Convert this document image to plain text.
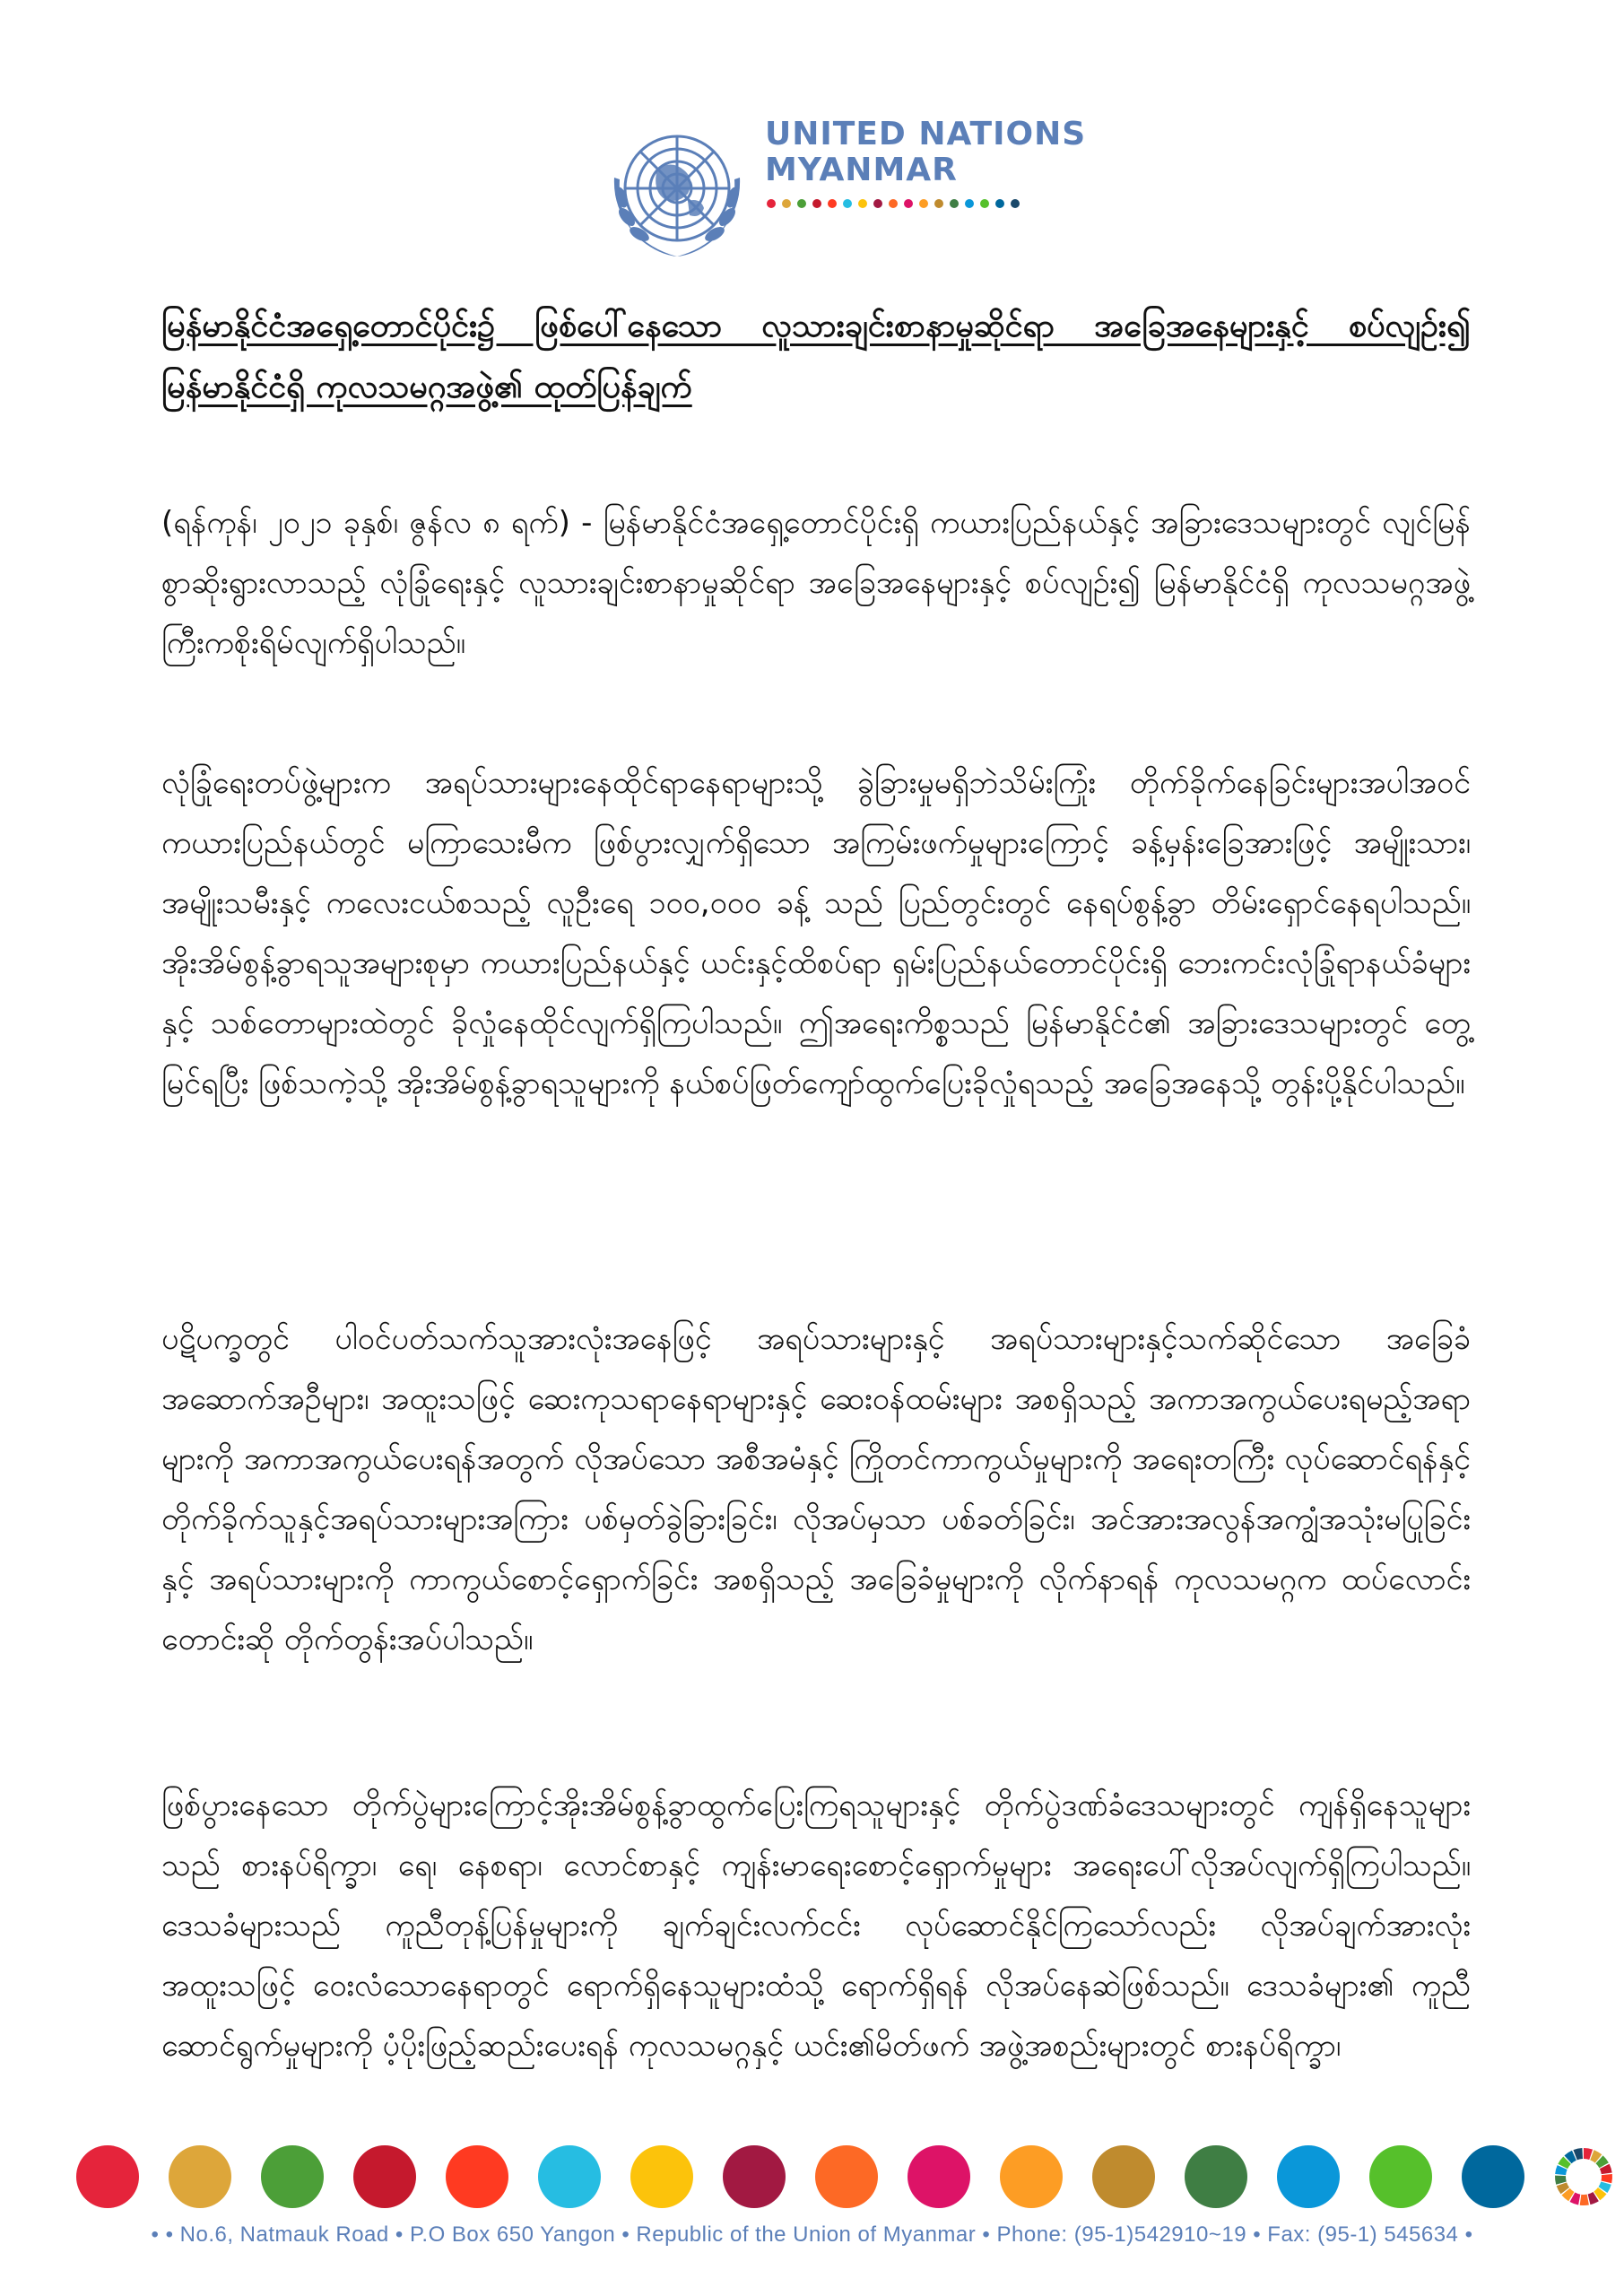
UNITED NATIONS
MYANMAR
မြန်မာနိုင်ငံအရှေ့တောင်ပိုင်း၌ ဖြစ်ပေါ်နေသော လူသားချင်းစာနာမှုဆိုင်ရာ အခြေအနေများနှင့် စပ်လျဉ်း၍ မြန်မာနိုင်ငံရှိ ကုလသမဂ္ဂအဖွဲ့၏ ထုတ်ပြန်ချက်
(ရန်ကုန်၊ ၂၀၂၁ ခုနှစ်၊ ဇွန်လ ၈ ရက်) - မြန်မာနိုင်ငံအရှေ့တောင်ပိုင်းရှိ ကယားပြည်နယ်နှင့် အခြားဒေသများတွင် လျင်မြန်စွာဆိုးရွားလာသည့် လုံခြုံရေးနှင့် လူသားချင်းစာနာမှုဆိုင်ရာ အခြေအနေများနှင့် စပ်လျဉ်း၍ မြန်မာနိုင်ငံရှိ ကုလသမဂ္ဂအဖွဲ့ကြီးကစိုးရိမ်လျက်ရှိပါသည်။
လုံခြုံရေးတပ်ဖွဲ့များက အရပ်သားများနေထိုင်ရာနေရာများသို့ ခွဲခြားမှုမရှိဘဲသိမ်းကြုံး တိုက်ခိုက်နေခြင်းများအပါအဝင် ကယားပြည်နယ်တွင် မကြာသေးမီက ဖြစ်ပွားလျှက်ရှိသော အကြမ်းဖက်မှုများကြောင့် ခန့်မှန်းခြေအားဖြင့် အမျိုးသား၊ အမျိုးသမီးနှင့် ကလေးငယ်စသည့် လူဦးရေ ၁၀၀,၀၀၀ ခန့် သည် ပြည်တွင်းတွင် နေရပ်စွန့်ခွာ တိမ်းရှောင်နေရပါသည်။ အိုးအိမ်စွန့်ခွာရသူအများစုမှာ ကယားပြည်နယ်နှင့် ယင်းနှင့်ထိစပ်ရာ ရှမ်းပြည်နယ်တောင်ပိုင်းရှိ ဘေးကင်းလုံခြုံရာနယ်ခံများနှင့် သစ်တောများထဲတွင် ခိုလှုံနေထိုင်လျက်ရှိကြပါသည်။ ဤအရေးကိစ္စသည် မြန်မာနိုင်ငံ၏ အခြားဒေသများတွင် တွေ့မြင်ရပြီး ဖြစ်သကဲ့သို့ အိုးအိမ်စွန့်ခွာရသူများကို နယ်စပ်ဖြတ်ကျော်ထွက်ပြေးခိုလှုံရသည့် အခြေအနေသို့ တွန်းပို့နိုင်ပါသည်။
ပဋိပက္ခတွင် ပါဝင်ပတ်သက်သူအားလုံးအနေဖြင့် အရပ်သားများနှင့် အရပ်သားများနှင့်သက်ဆိုင်သော အခြေခံအဆောက်အဦများ၊ အထူးသဖြင့် ဆေးကုသရာနေရာများနှင့် ဆေးဝန်ထမ်းများ အစရှိသည့် အကာအကွယ်ပေးရမည့်အရာများကို အကာအကွယ်ပေးရန်အတွက် လိုအပ်သော အစီအမံနှင့် ကြိုတင်ကာကွယ်မှုများကို အရေးတကြီး လုပ်ဆောင်ရန်နှင့် တိုက်ခိုက်သူနှင့်အရပ်သားများအကြား ပစ်မှတ်ခွဲခြားခြင်း၊ လိုအပ်မှသာ ပစ်ခတ်ခြင်း၊ အင်အားအလွန်အကျွံအသုံးမပြုခြင်းနှင့် အရပ်သားများကို ကာကွယ်စောင့်ရှောက်ခြင်း အစရှိသည့် အခြေခံမှုများကို လိုက်နာရန် ကုလသမဂ္ဂက ထပ်လောင်းတောင်းဆို တိုက်တွန်းအပ်ပါသည်။
ဖြစ်ပွားနေသော တိုက်ပွဲများကြောင့်အိုးအိမ်စွန့်ခွာထွက်ပြေးကြရသူများနှင့် တိုက်ပွဲဒဏ်ခံဒေသများတွင် ကျန်ရှိနေသူများသည် စားနပ်ရိက္ခာ၊ ရေ၊ နေစရာ၊ လောင်စာနှင့် ကျန်းမာရေးစောင့်ရှောက်မှုများ အရေးပေါ်လိုအပ်လျက်ရှိကြပါသည်။ ဒေသခံများသည် ကူညီတုန့်ပြန်မှုများကို ချက်ချင်းလက်ငင်း လုပ်ဆောင်နိုင်ကြသော်လည်း လိုအပ်ချက်အားလုံး အထူးသဖြင့် ဝေးလံသောနေရာတွင် ရောက်ရှိနေသူများထံသို့ ရောက်ရှိရန် လိုအပ်နေဆဲဖြစ်သည်။ ဒေသခံများ၏ ကူညီဆောင်ရွက်မှုများကို ပံ့ပိုးဖြည့်ဆည်းပေးရန် ကုလသမဂ္ဂနှင့် ယင်း၏မိတ်ဖက် အဖွဲ့အစည်းများတွင် စားနပ်ရိက္ခာ၊
• • No.6, Natmauk Road • P.O Box 650 Yangon • Republic of the Union of Myanmar • Phone: (95-1)542910~19 • Fax: (95-1) 545634 •
